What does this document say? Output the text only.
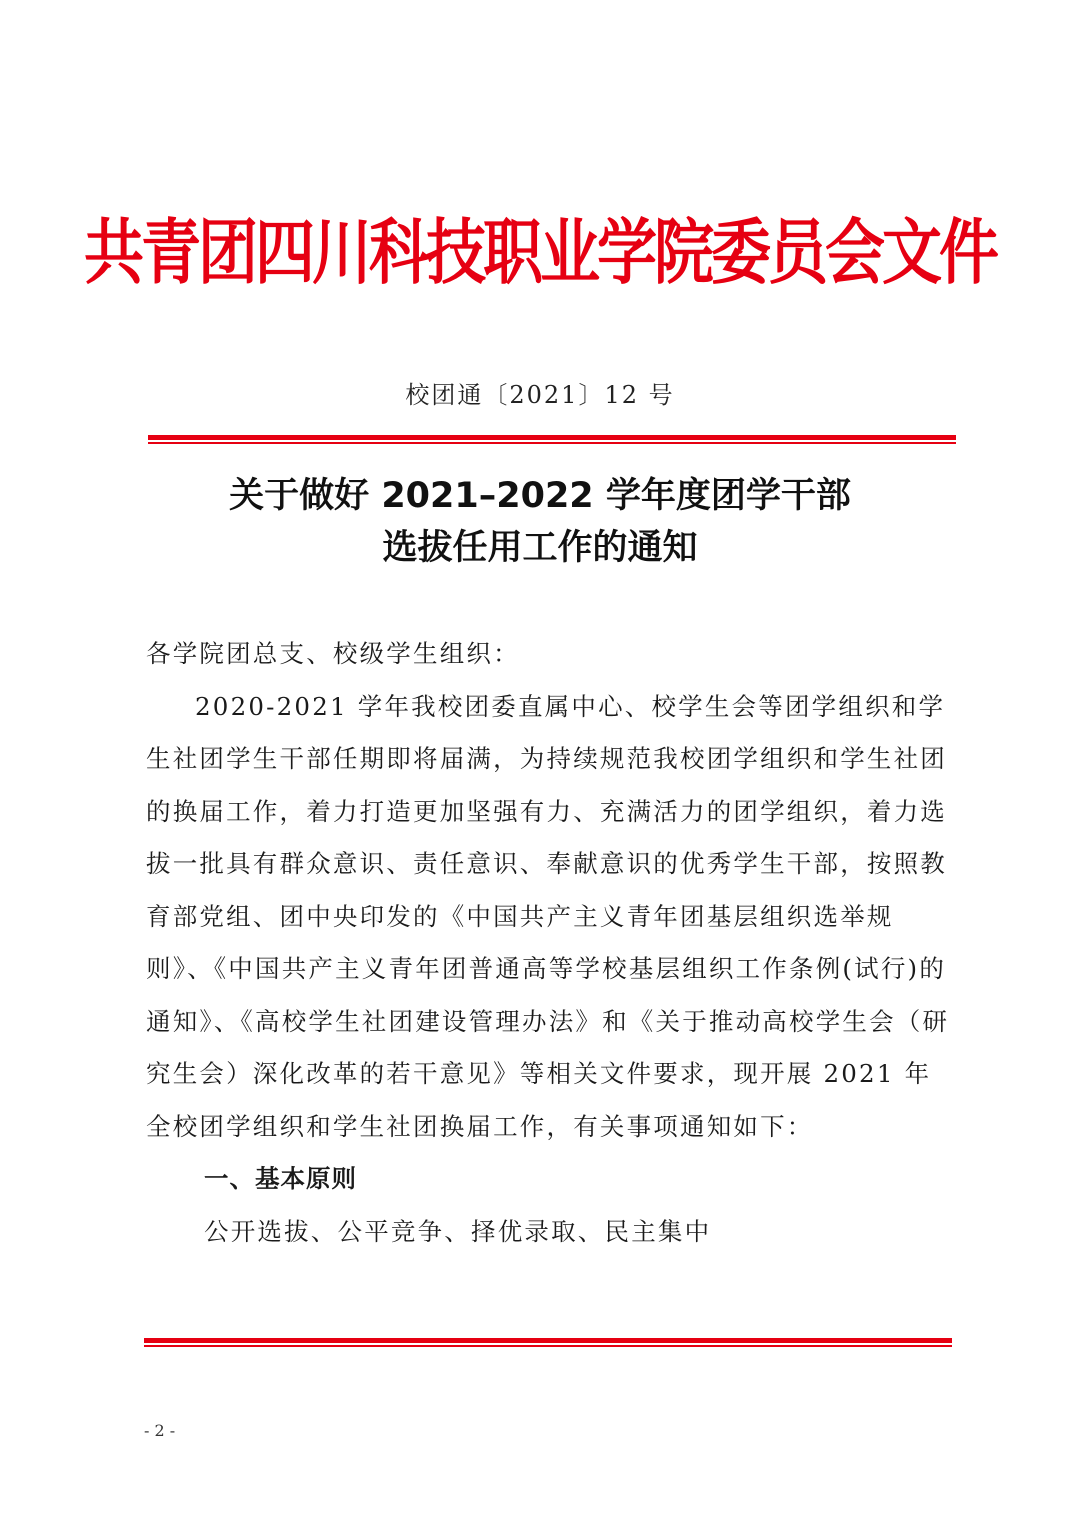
共青团四川科技职业学院委员会文件
校团通〔2021〕12 号
关于做好 2021–2022 学年度团学干部
选拔任用工作的通知

各学院团总支、校级学生组织：

2020-2021 学年我校团委直属中心、校学生会等团学组织和学生社团学生干部任期即将届满，为持续规范我校团学组织和学生社团的换届工作，着力打造更加坚强有力、充满活力的团学组织，着力选拔一批具有群众意识、责任意识、奉献意识的优秀学生干部，按照教育部党组、团中央印发的《中国共产主义青年团基层组织选举规则》、《中国共产主义青年团普通高等学校基层组织工作条例(试行)的通知》、《高校学生社团建设管理办法》和《关于推动高校学生会（研究生会）深化改革的若干意见》等相关文件要求，现开展 2021 年全校团学组织和学生社团换届工作，有关事项通知如下：

一、基本原则

公开选拔、公平竞争、择优录取、民主集中

- 2 -
